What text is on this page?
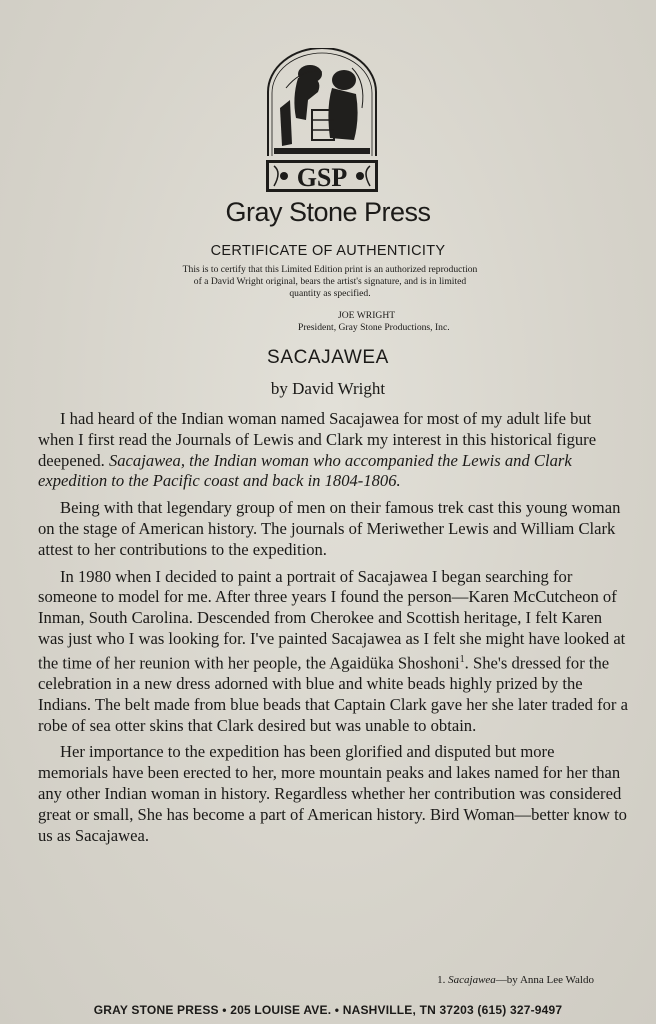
GSP
Gray Stone Press
CERTIFICATE OF AUTHENTICITY
This is to certify that this Limited Edition print is an authorized reproduction
of a David Wright original, bears the artist's signature, and is in limited
quantity as specified.
JOE WRIGHT
President, Gray Stone Productions, Inc.
SACAJAWEA
by David Wright

I had heard of the Indian woman named Sacajawea for most of my adult life but when I first read the Journals of Lewis and Clark my interest in this historical figure deepened. Sacajawea, the Indian woman who accompanied the Lewis and Clark expedition to the Pacific coast and back in 1804-1806.

Being with that legendary group of men on their famous trek cast this young woman on the stage of American history. The journals of Meriwether Lewis and William Clark attest to her contributions to the expedition.

In 1980 when I decided to paint a portrait of Sacajawea I began searching for someone to model for me. After three years I found the person—Karen McCutcheon of Inman, South Carolina. Descended from Cherokee and Scottish heritage, I felt Karen was just who I was looking for. I've painted Sacajawea as I felt she might have looked at the time of her reunion with her people, the Agaidüka Shoshoni$^1$. She's dressed for the celebration in a new dress adorned with blue and white beads highly prized by the Indians. The belt made from blue beads that Captain Clark gave her she later traded for a robe of sea otter skins that Clark desired but was unable to obtain.

Her importance to the expedition has been glorified and disputed but more memorials have been erected to her, more mountain peaks and lakes named for her than any other Indian woman in history. Regardless whether her contribution was considered great or small, She has become a part of American history. Bird Woman—better know to us as Sacajawea.

1. Sacajawea—by Anna Lee Waldo
GRAY STONE PRESS • 205 LOUISE AVE. • NASHVILLE, TN 37203 (615) 327-9497
